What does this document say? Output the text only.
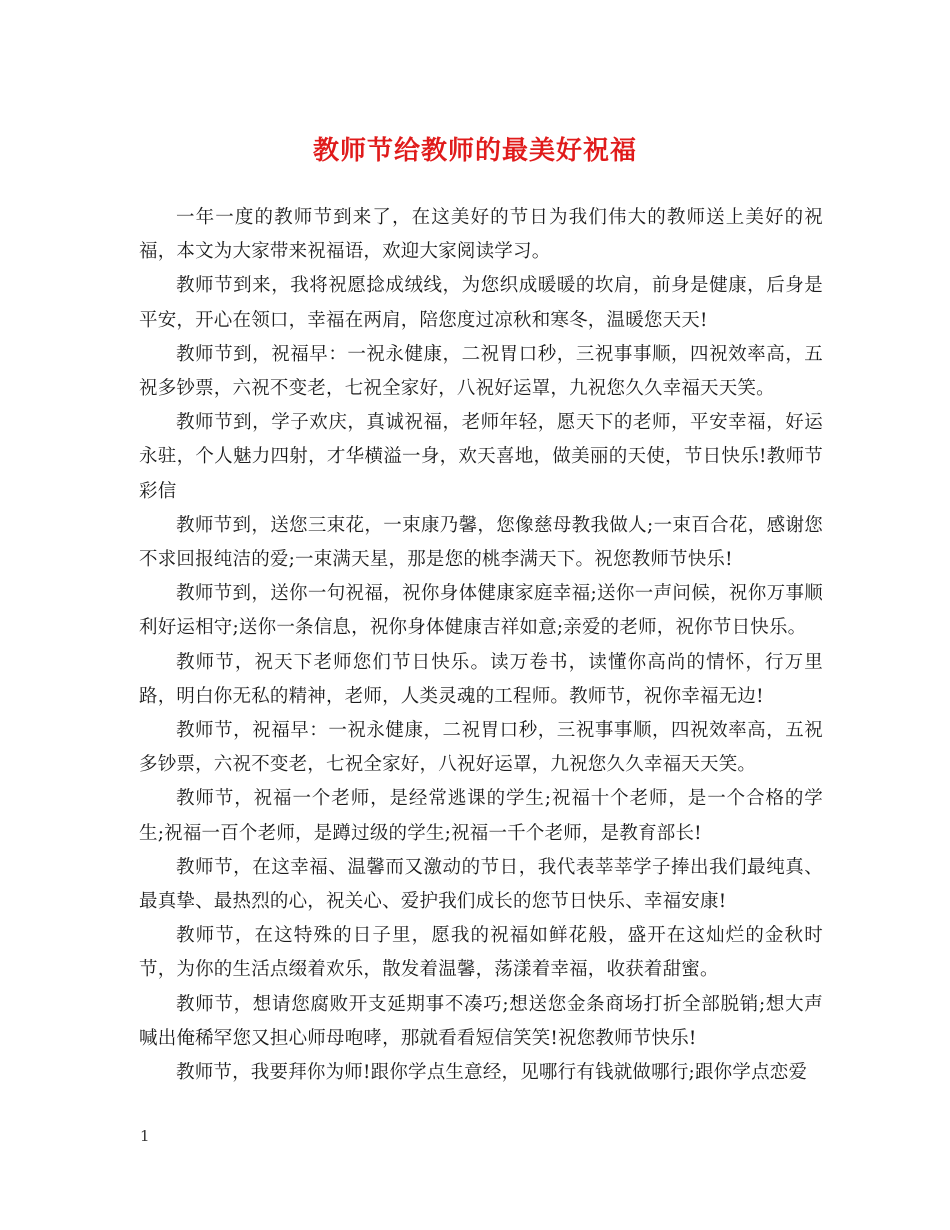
教师节给教师的最美好祝福

一年一度的教师节到来了，在这美好的节日为我们伟大的教师送上美好的祝福，本文为大家带来祝福语，欢迎大家阅读学习。

教师节到来，我将祝愿捻成绒线，为您织成暖暖的坎肩，前身是健康，后身是平安，开心在领口，幸福在两肩，陪您度过凉秋和寒冬，温暖您天天!

教师节到，祝福早：一祝永健康，二祝胃口秒，三祝事事顺，四祝效率高，五祝多钞票，六祝不变老，七祝全家好，八祝好运罩，九祝您久久幸福天天笑。

教师节到，学子欢庆，真诚祝福，老师年轻，愿天下的老师，平安幸福，好运永驻，个人魅力四射，才华横溢一身，欢天喜地，做美丽的天使，节日快乐!教师节彩信

教师节到，送您三束花，一束康乃馨，您像慈母教我做人;一束百合花，感谢您不求回报纯洁的爱;一束满天星，那是您的桃李满天下。祝您教师节快乐!

教师节到，送你一句祝福，祝你身体健康家庭幸福;送你一声问候，祝你万事顺利好运相守;送你一条信息，祝你身体健康吉祥如意;亲爱的老师，祝你节日快乐。

教师节，祝天下老师您们节日快乐。读万卷书，读懂你高尚的情怀，行万里路，明白你无私的精神，老师，人类灵魂的工程师。教师节，祝你幸福无边!

教师节，祝福早：一祝永健康，二祝胃口秒，三祝事事顺，四祝效率高，五祝多钞票，六祝不变老，七祝全家好，八祝好运罩，九祝您久久幸福天天笑。

教师节，祝福一个老师，是经常逃课的学生;祝福十个老师，是一个合格的学生;祝福一百个老师，是蹲过级的学生;祝福一千个老师，是教育部长!

教师节，在这幸福、温馨而又激动的节日，我代表莘莘学子捧出我们最纯真、最真挚、最热烈的心，祝关心、爱护我们成长的您节日快乐、幸福安康!

教师节，在这特殊的日子里，愿我的祝福如鲜花般，盛开在这灿烂的金秋时节，为你的生活点缀着欢乐，散发着温馨，荡漾着幸福，收获着甜蜜。

教师节，想请您腐败开支延期事不凑巧;想送您金条商场打折全部脱销;想大声喊出俺稀罕您又担心师母咆哮，那就看看短信笑笑!祝您教师节快乐!

教师节，我要拜你为师!跟你学点生意经，见哪行有钱就做哪行;跟你学点恋爱

1
